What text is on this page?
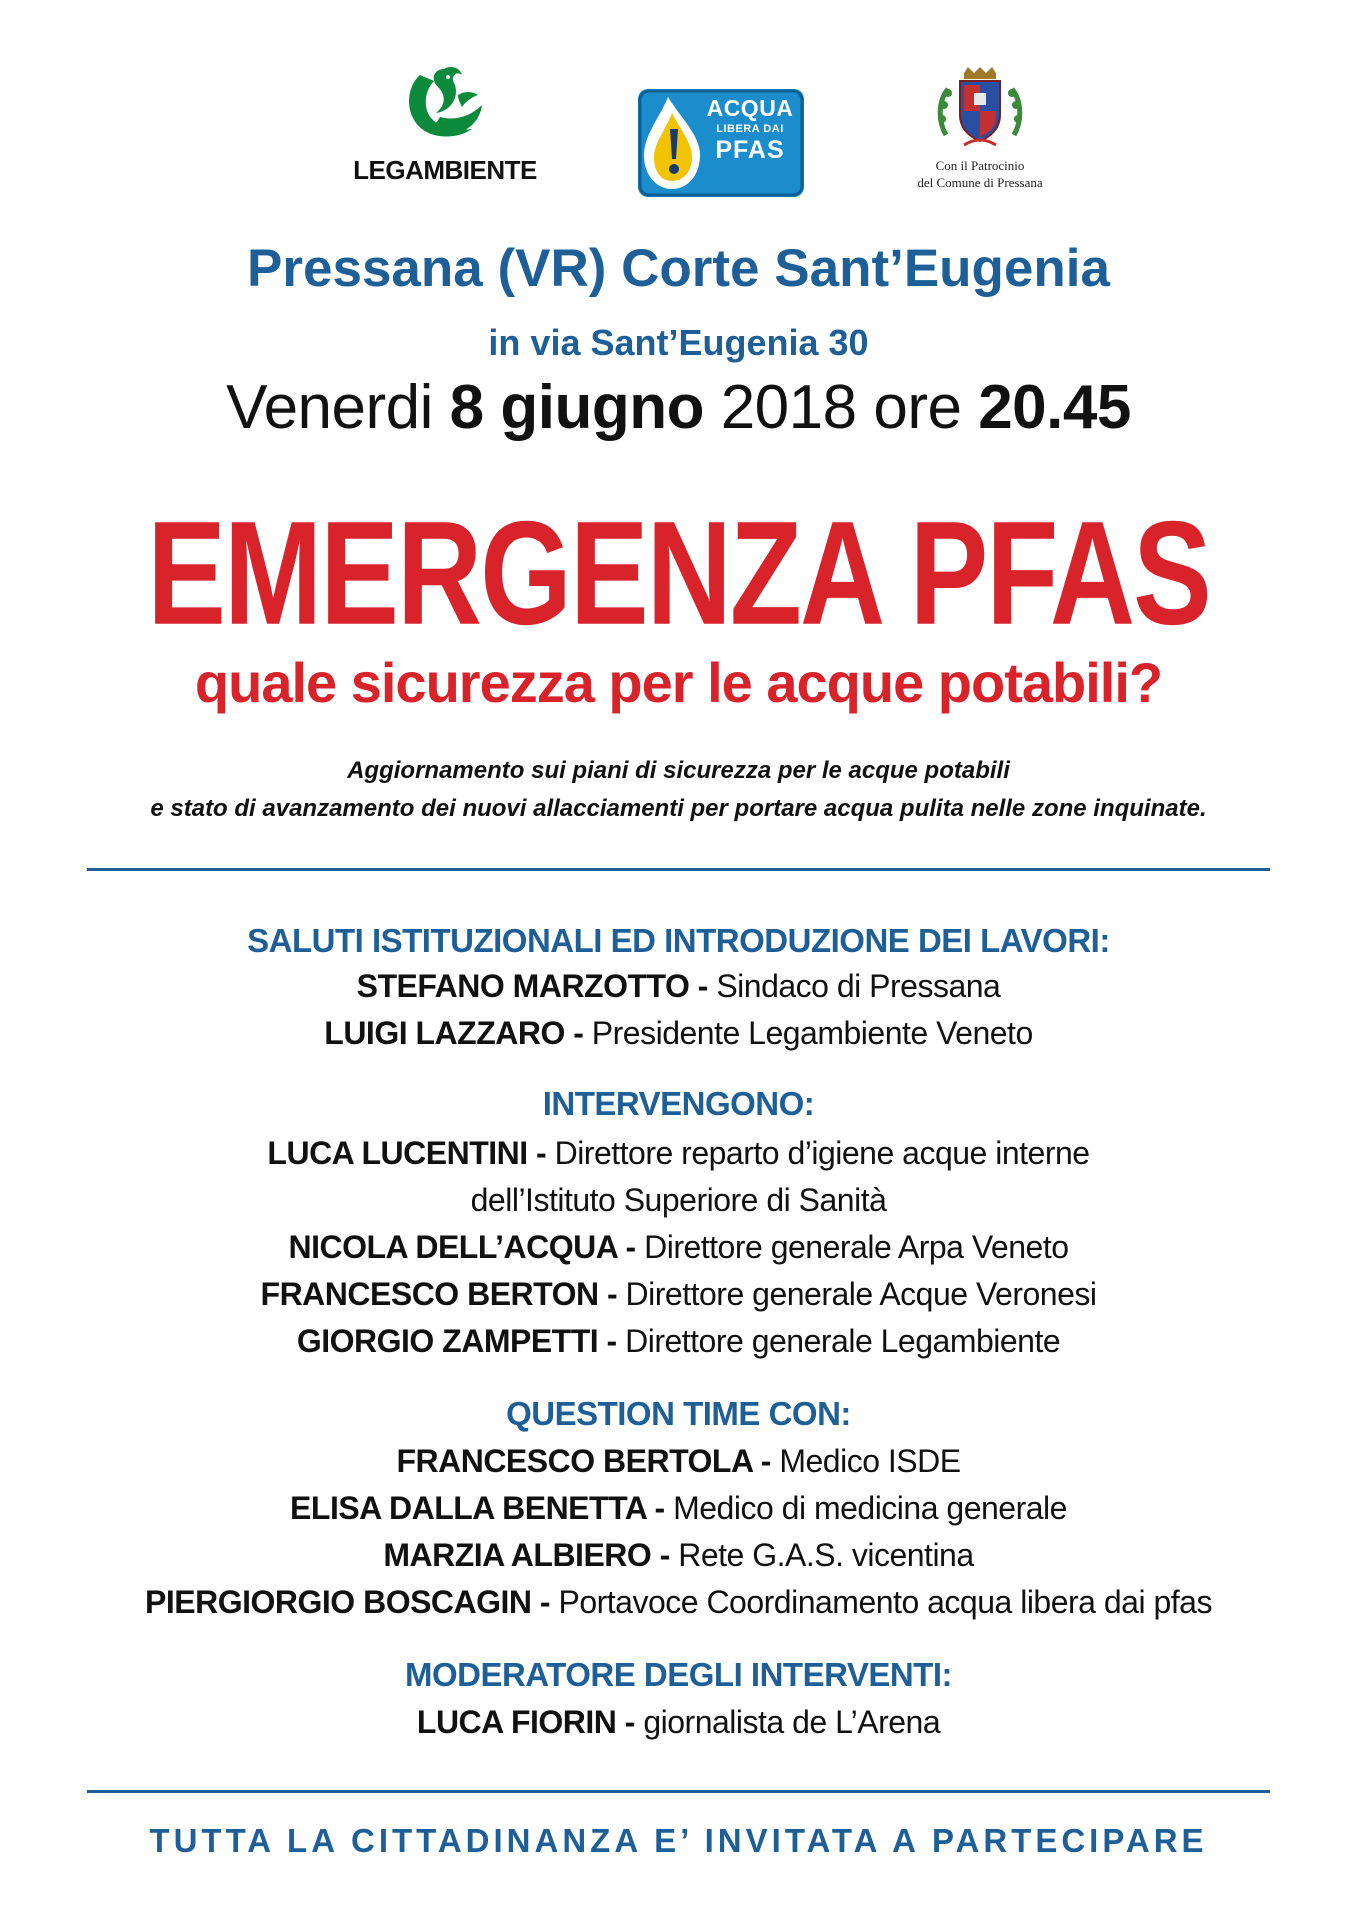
LEGAMBIENTE
ACQUA
LIBERA DAI
PFAS
Con il Patrocinio
del Comune di Pressana
Pressana (VR) Corte Sant’Eugenia
in via Sant’Eugenia 30
Venerdi 8 giugno 2018 ore 20.45
EMERGENZA PFAS
quale sicurezza per le acque potabili?
Aggiornamento sui piani di sicurezza per le acque potabili
e stato di avanzamento dei nuovi allacciamenti per portare acqua pulita nelle zone inquinate.
SALUTI ISTITUZIONALI ED INTRODUZIONE DEI LAVORI:
STEFANO MARZOTTO - Sindaco di Pressana
LUIGI LAZZARO - Presidente Legambiente Veneto
INTERVENGONO:
LUCA LUCENTINI - Direttore reparto d’igiene acque interne
dell’Istituto Superiore di Sanità
NICOLA DELL’ACQUA - Direttore generale Arpa Veneto
FRANCESCO BERTON - Direttore generale Acque Veronesi
GIORGIO ZAMPETTI - Direttore generale Legambiente
QUESTION TIME CON:
FRANCESCO BERTOLA - Medico ISDE
ELISA DALLA BENETTA - Medico di medicina generale
MARZIA ALBIERO - Rete G.A.S. vicentina
PIERGIORGIO BOSCAGIN - Portavoce Coordinamento acqua libera dai pfas
MODERATORE DEGLI INTERVENTI:
LUCA FIORIN - giornalista de L’Arena
TUTTA LA CITTADINANZA E’ INVITATA A PARTECIPARE
